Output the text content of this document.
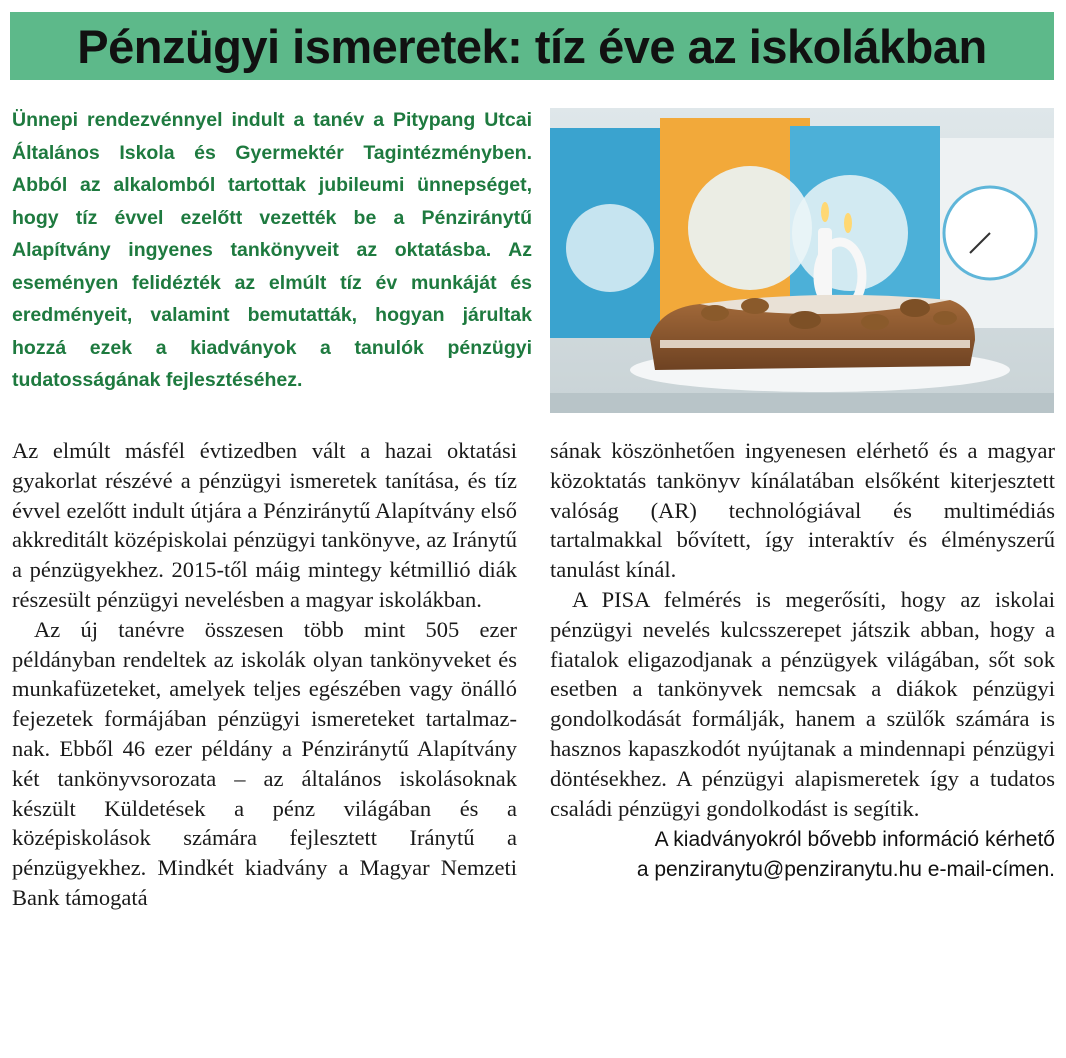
Pénzügyi ismeretek: tíz éve az iskolákban
Ünnepi rendezvénnyel indult a tanév a Pitypang Utcai Általános Iskola és Gyermektér Tagintézményben. Abból az alkalomból tartottak jubileumi ünnepséget, hogy tíz évvel ezelőtt vezették be a Pénziránytű Alapítvány ingyenes tankönyveit az oktatásba. Az eseményen felidézték az elmúlt tíz év munkáját és eredményeit, valamint bemutatták, hogyan járultak hozzá ezek a kiadványok a tanulók pénzügyi tudatosságának fejlesztéséhez.

Az elmúlt másfél évtizedben vált a hazai oktatási gyakorlat részévé a pénzügyi ismeretek tanítása, és tíz évvel ezelőtt indult útjára a Pénziránytű Alapítvány első akkreditált középiskolai pénzügyi tankönyve, az Iránytű a pénzügyekhez. 2015-től máig mintegy kétmillió diák részesült pénzügyi nevelésben a magyar iskolákban.

Az új tanévre összesen több mint 505 ezer példányban rendeltek az iskolák olyan tankönyveket és munkafüzeteket, amelyek teljes egészében vagy önálló fejezetek formájában pénzügyi ismereteket tartalmaznak. Ebből 46 ezer példány a Pénziránytű Alapítvány két tankönyvsorozata – az általános iskolásoknak készült Küldetések a pénz világában és a középiskolások számára fejlesztett Iránytű a pénzügyekhez. Mindkét kiadvány a Magyar Nemzeti Bank támogatá

sának köszönhetően ingyenesen elérhető és a magyar közoktatás tankönyv kínálatában elsőként kiterjesztett valóság (AR) technológiával és multimédiás tartalmakkal bővített, így interaktív és élményszerű tanulást kínál.

A PISA felmérés is megerősíti, hogy az iskolai pénzügyi nevelés kulcsszerepet játszik abban, hogy a fiatalok eligazodjanak a pénzügyek világában, sőt sok esetben a tankönyvek nemcsak a diákok pénzügyi gondolkodását formálják, hanem a szülők számára is hasznos kapaszkodót nyújtanak a mindennapi pénzügyi döntésekhez. A pénzügyi alapismeretek így a tudatos családi pénzügyi gondolkodást is segítik.

A kiadványokról bővebb információ kérhető
a penziranytu@penziranytu.hu e-mail-címen.
